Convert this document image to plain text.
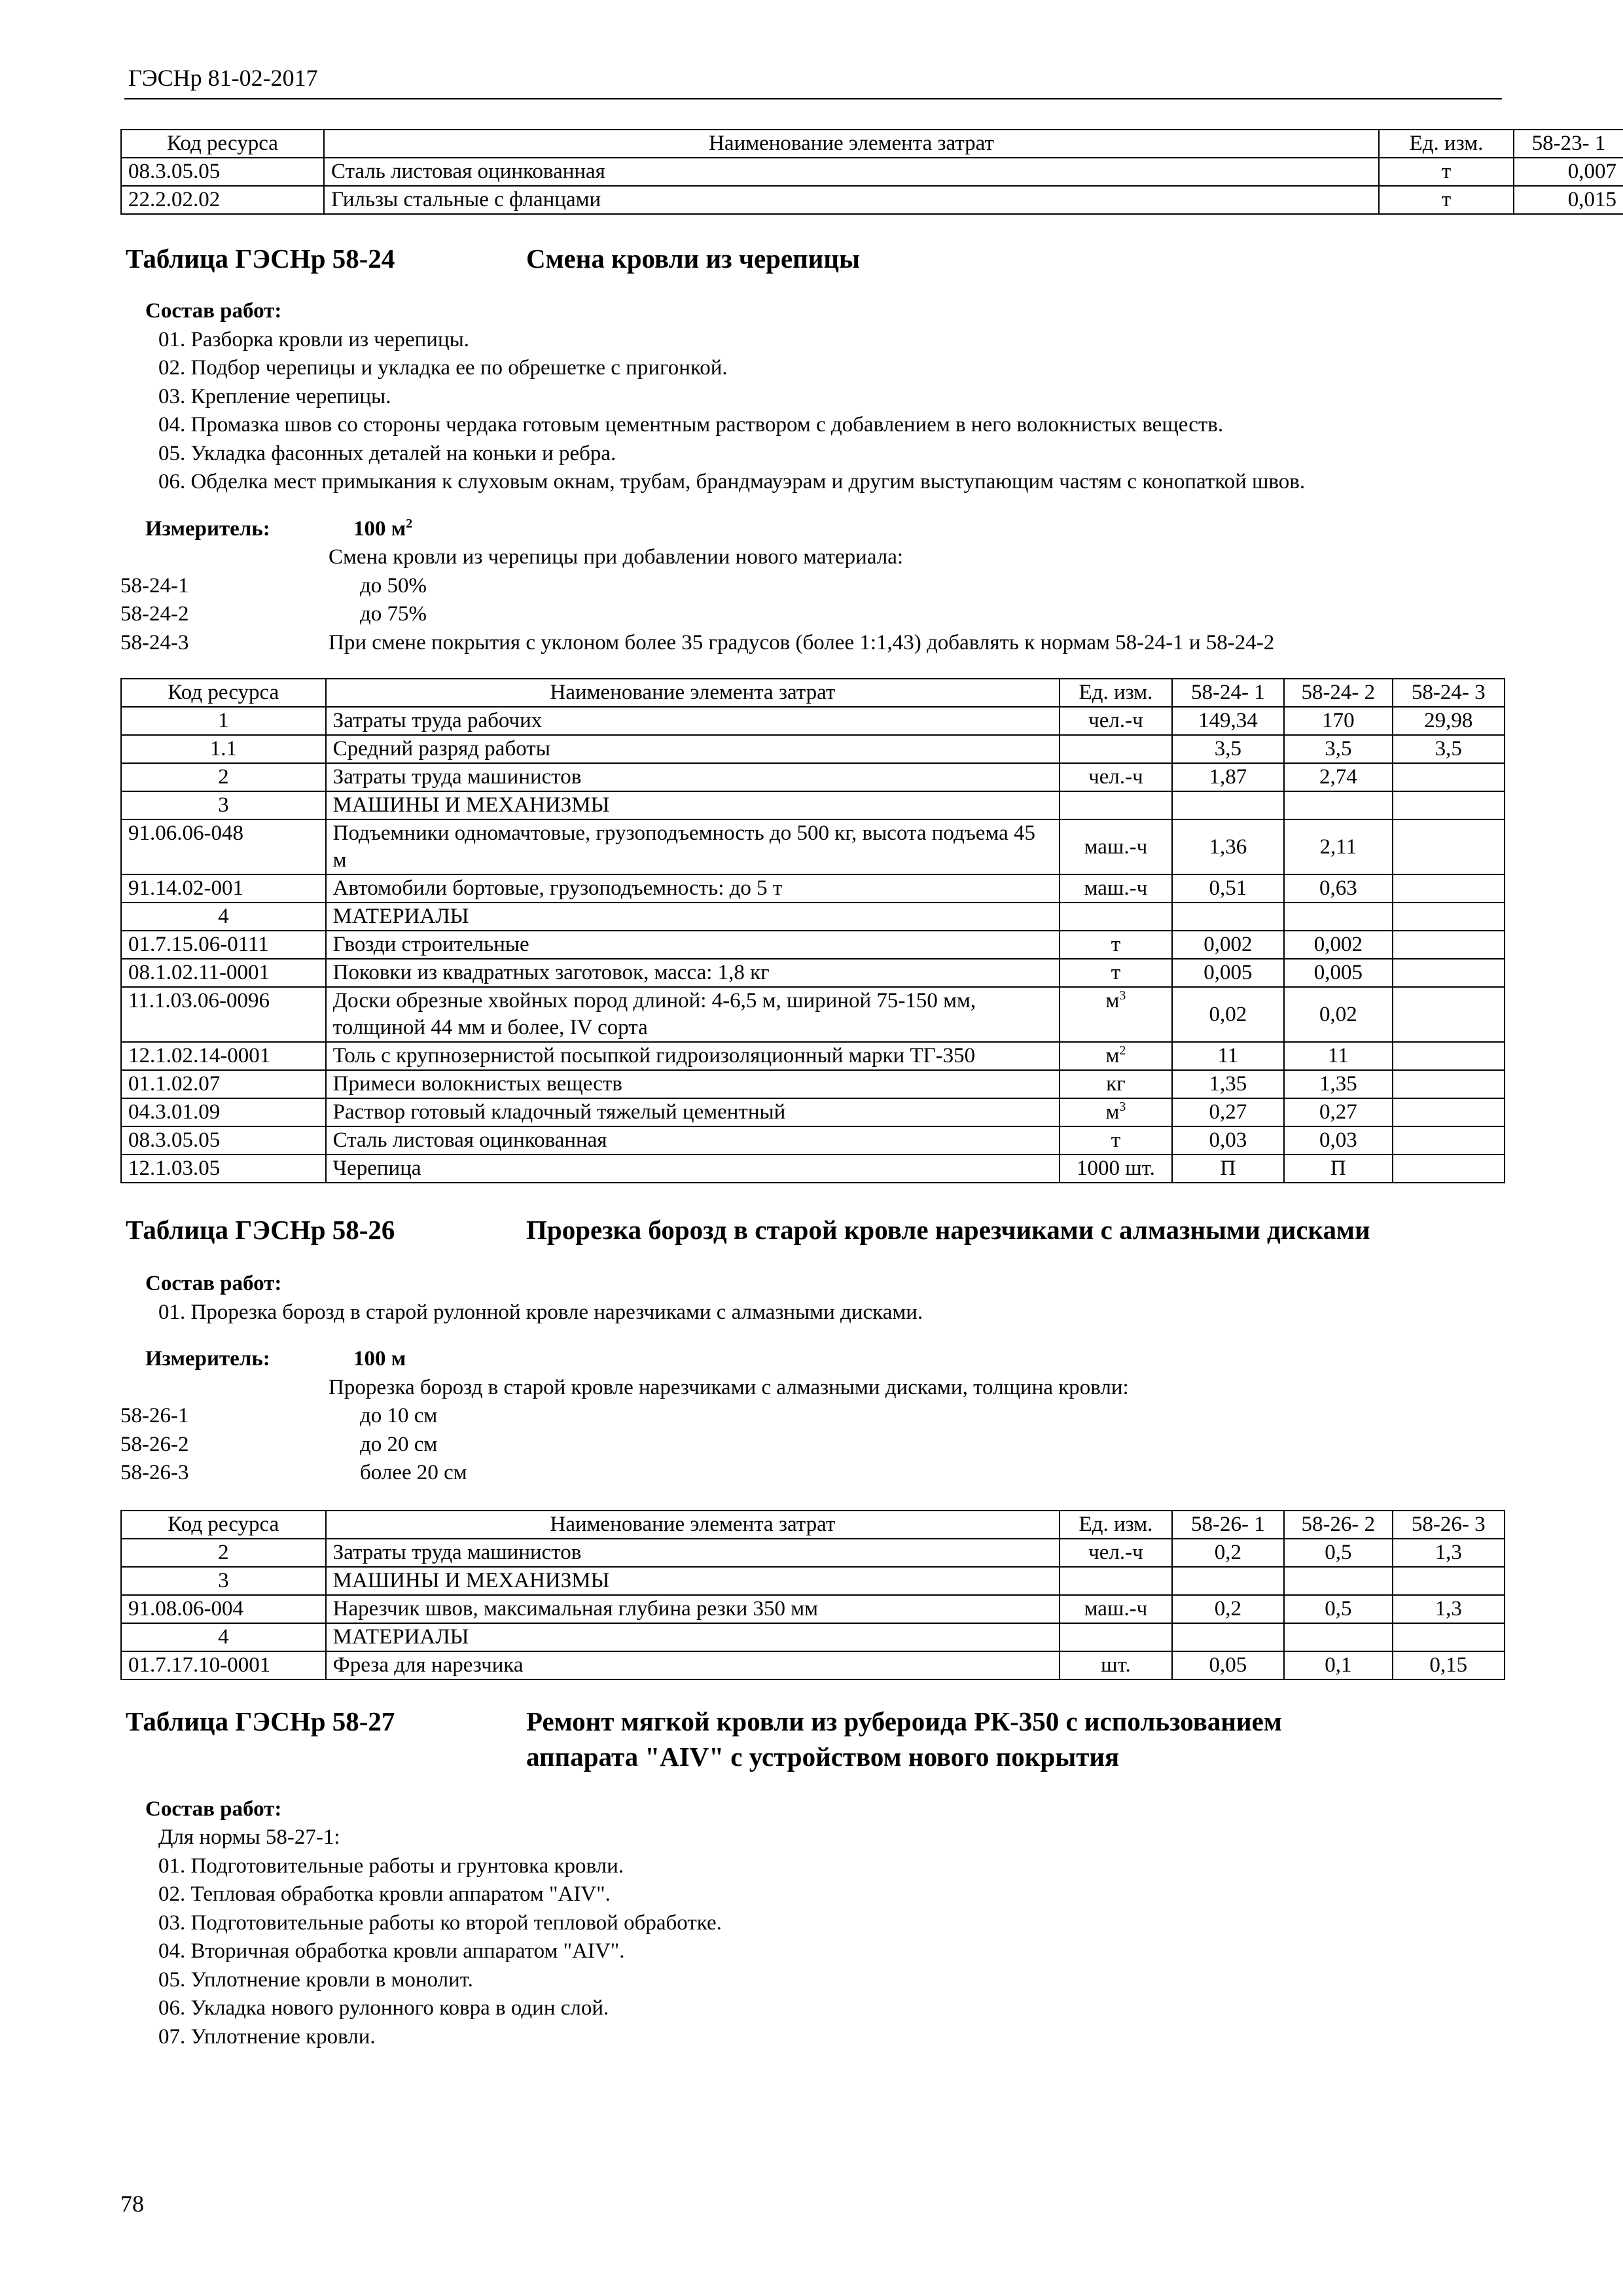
ГЭСНр 81-02-2017
Код ресурса	Наименование элемента затрат	Ед. изм.	58-23- 1
08.3.05.05	Сталь листовая оцинкованная	т	0,007
22.2.02.02	Гильзы стальные с фланцами	т	0,015
Таблица ГЭСНр 58-24	Смена кровли из черепицы
Состав работ:
01. Разборка кровли из черепицы.
02. Подбор черепицы и укладка ее по обрешетке с пригонкой.
03. Крепление черепицы.
04. Промазка швов со стороны чердака готовым цементным раствором с добавлением в него волокнистых веществ.
05. Укладка фасонных деталей на коньки и ребра.
06. Обделка мест примыкания к слуховым окнам, трубам, брандмауэрам и другим выступающим частям с конопаткой швов.
Измеритель:	100 $м^2$
Смена кровли из черепицы при добавлении нового материала:
58-24-1	до 50%
58-24-2	до 75%
58-24-3	При смене покрытия с уклоном более 35 градусов (более 1:1,43) добавлять к нормам 58-24-1 и 58-24-2
Код ресурса	Наименование элемента затрат	Ед. изм.	58-24- 1	58-24- 2	58-24- 3
1	Затраты труда рабочих	чел.-ч	149,34	170	29,98
1.1	Средний разряд работы		3,5	3,5	3,5
2	Затраты труда машинистов	чел.-ч	1,87	2,74	
3	МАШИНЫ И МЕХАНИЗМЫ				
91.06.06-048	Подъемники одномачтовые, грузоподъемность до 500 кг, высота подъема 45 м	маш.-ч	1,36	2,11	
91.14.02-001	Автомобили бортовые, грузоподъемность: до 5 т	маш.-ч	0,51	0,63	
4	МАТЕРИАЛЫ				
01.7.15.06-0111	Гвозди строительные	т	0,002	0,002	
08.1.02.11-0001	Поковки из квадратных заготовок, масса: 1,8 кг	т	0,005	0,005	
11.1.03.06-0096	Доски обрезные хвойных пород длиной: 4-6,5 м, шириной 75-150 мм, толщиной 44 мм и более, IV сорта	$м^3$	0,02	0,02	
12.1.02.14-0001	Толь с крупнозернистой посыпкой гидроизоляционный марки ТГ-350	$м^2$	11	11	
01.1.02.07	Примеси волокнистых веществ	кг	1,35	1,35	
04.3.01.09	Раствор готовый кладочный тяжелый цементный	$м^3$	0,27	0,27	
08.3.05.05	Сталь листовая оцинкованная	т	0,03	0,03	
12.1.03.05	Черепица	1000 шт.	П	П	
Таблица ГЭСНр 58-26	Прорезка борозд в старой кровле нарезчиками с алмазными дисками
Состав работ:
01. Прорезка борозд в старой рулонной кровле нарезчиками с алмазными дисками.
Измеритель:	100 м
Прорезка борозд в старой кровле нарезчиками с алмазными дисками, толщина кровли:
58-26-1	до 10 см
58-26-2	до 20 см
58-26-3	более 20 см
Код ресурса	Наименование элемента затрат	Ед. изм.	58-26- 1	58-26- 2	58-26- 3
2	Затраты труда машинистов	чел.-ч	0,2	0,5	1,3
3	МАШИНЫ И МЕХАНИЗМЫ				
91.08.06-004	Нарезчик швов, максимальная глубина резки 350 мм	маш.-ч	0,2	0,5	1,3
4	МАТЕРИАЛЫ				
01.7.17.10-0001	Фреза для нарезчика	шт.	0,05	0,1	0,15
Таблица ГЭСНр 58-27	Ремонт мягкой кровли из рубероида РК-350 с использованием
аппарата "AIV" с устройством нового покрытия
Состав работ:
Для нормы 58-27-1:
01. Подготовительные работы и грунтовка кровли.
02. Тепловая обработка кровли аппаратом "AIV".
03. Подготовительные работы ко второй тепловой обработке.
04. Вторичная обработка кровли аппаратом "AIV".
05. Уплотнение кровли в монолит.
06. Укладка нового рулонного ковра в один слой.
07. Уплотнение кровли.
78
